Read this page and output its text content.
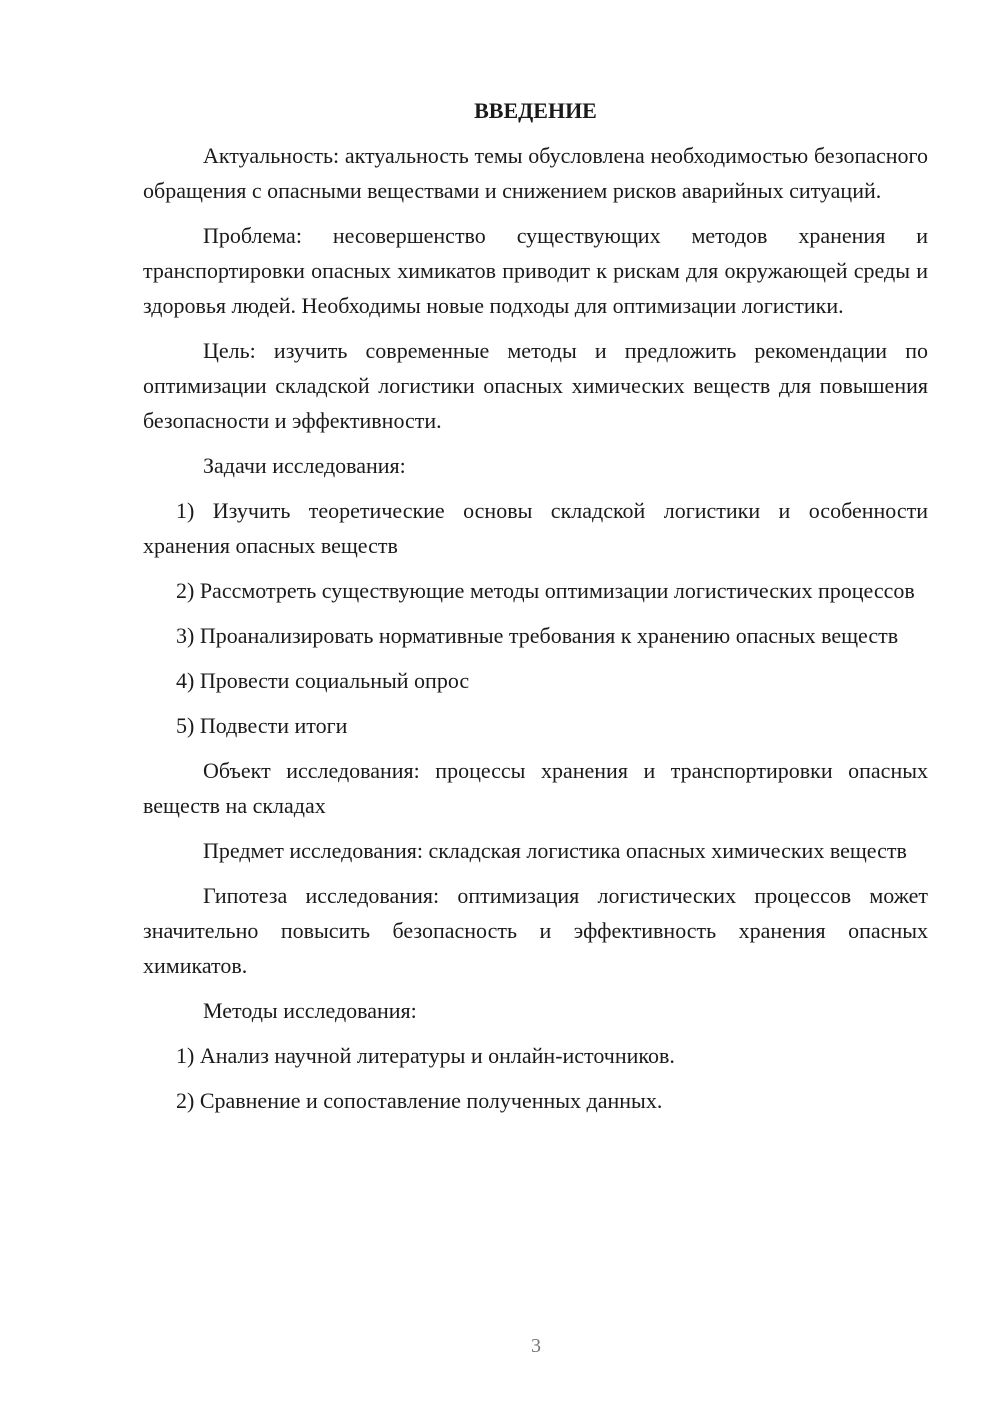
ВВЕДЕНИЕ

Актуальность: актуальность темы обусловлена необходимостью безопасного обращения с опасными веществами и снижением рисков аварийных ситуаций.

Проблема: несовершенство существующих методов хранения и транспортировки опасных химикатов приводит к рискам для окружающей среды и здоровья людей. Необходимы новые подходы для оптимизации логистики.

Цель: изучить современные методы и предложить рекомендации по оптимизации складской логистики опасных химических веществ для повышения безопасности и эффективности.

Задачи исследования:

1) Изучить теоретические основы складской логистики и особенности хранения опасных веществ

2) Рассмотреть существующие методы оптимизации логистических процессов

3) Проанализировать нормативные требования к хранению опасных веществ

4) Провести социальный опрос

5) Подвести итоги

Объект исследования: процессы хранения и транспортировки опасных веществ на складах

Предмет исследования: складская логистика опасных химических веществ

Гипотеза исследования: оптимизация логистических процессов может значительно повысить безопасность и эффективность хранения опасных химикатов.

Методы исследования:

1) Анализ научной литературы и онлайн-источников.

2) Сравнение и сопоставление полученных данных.

3
